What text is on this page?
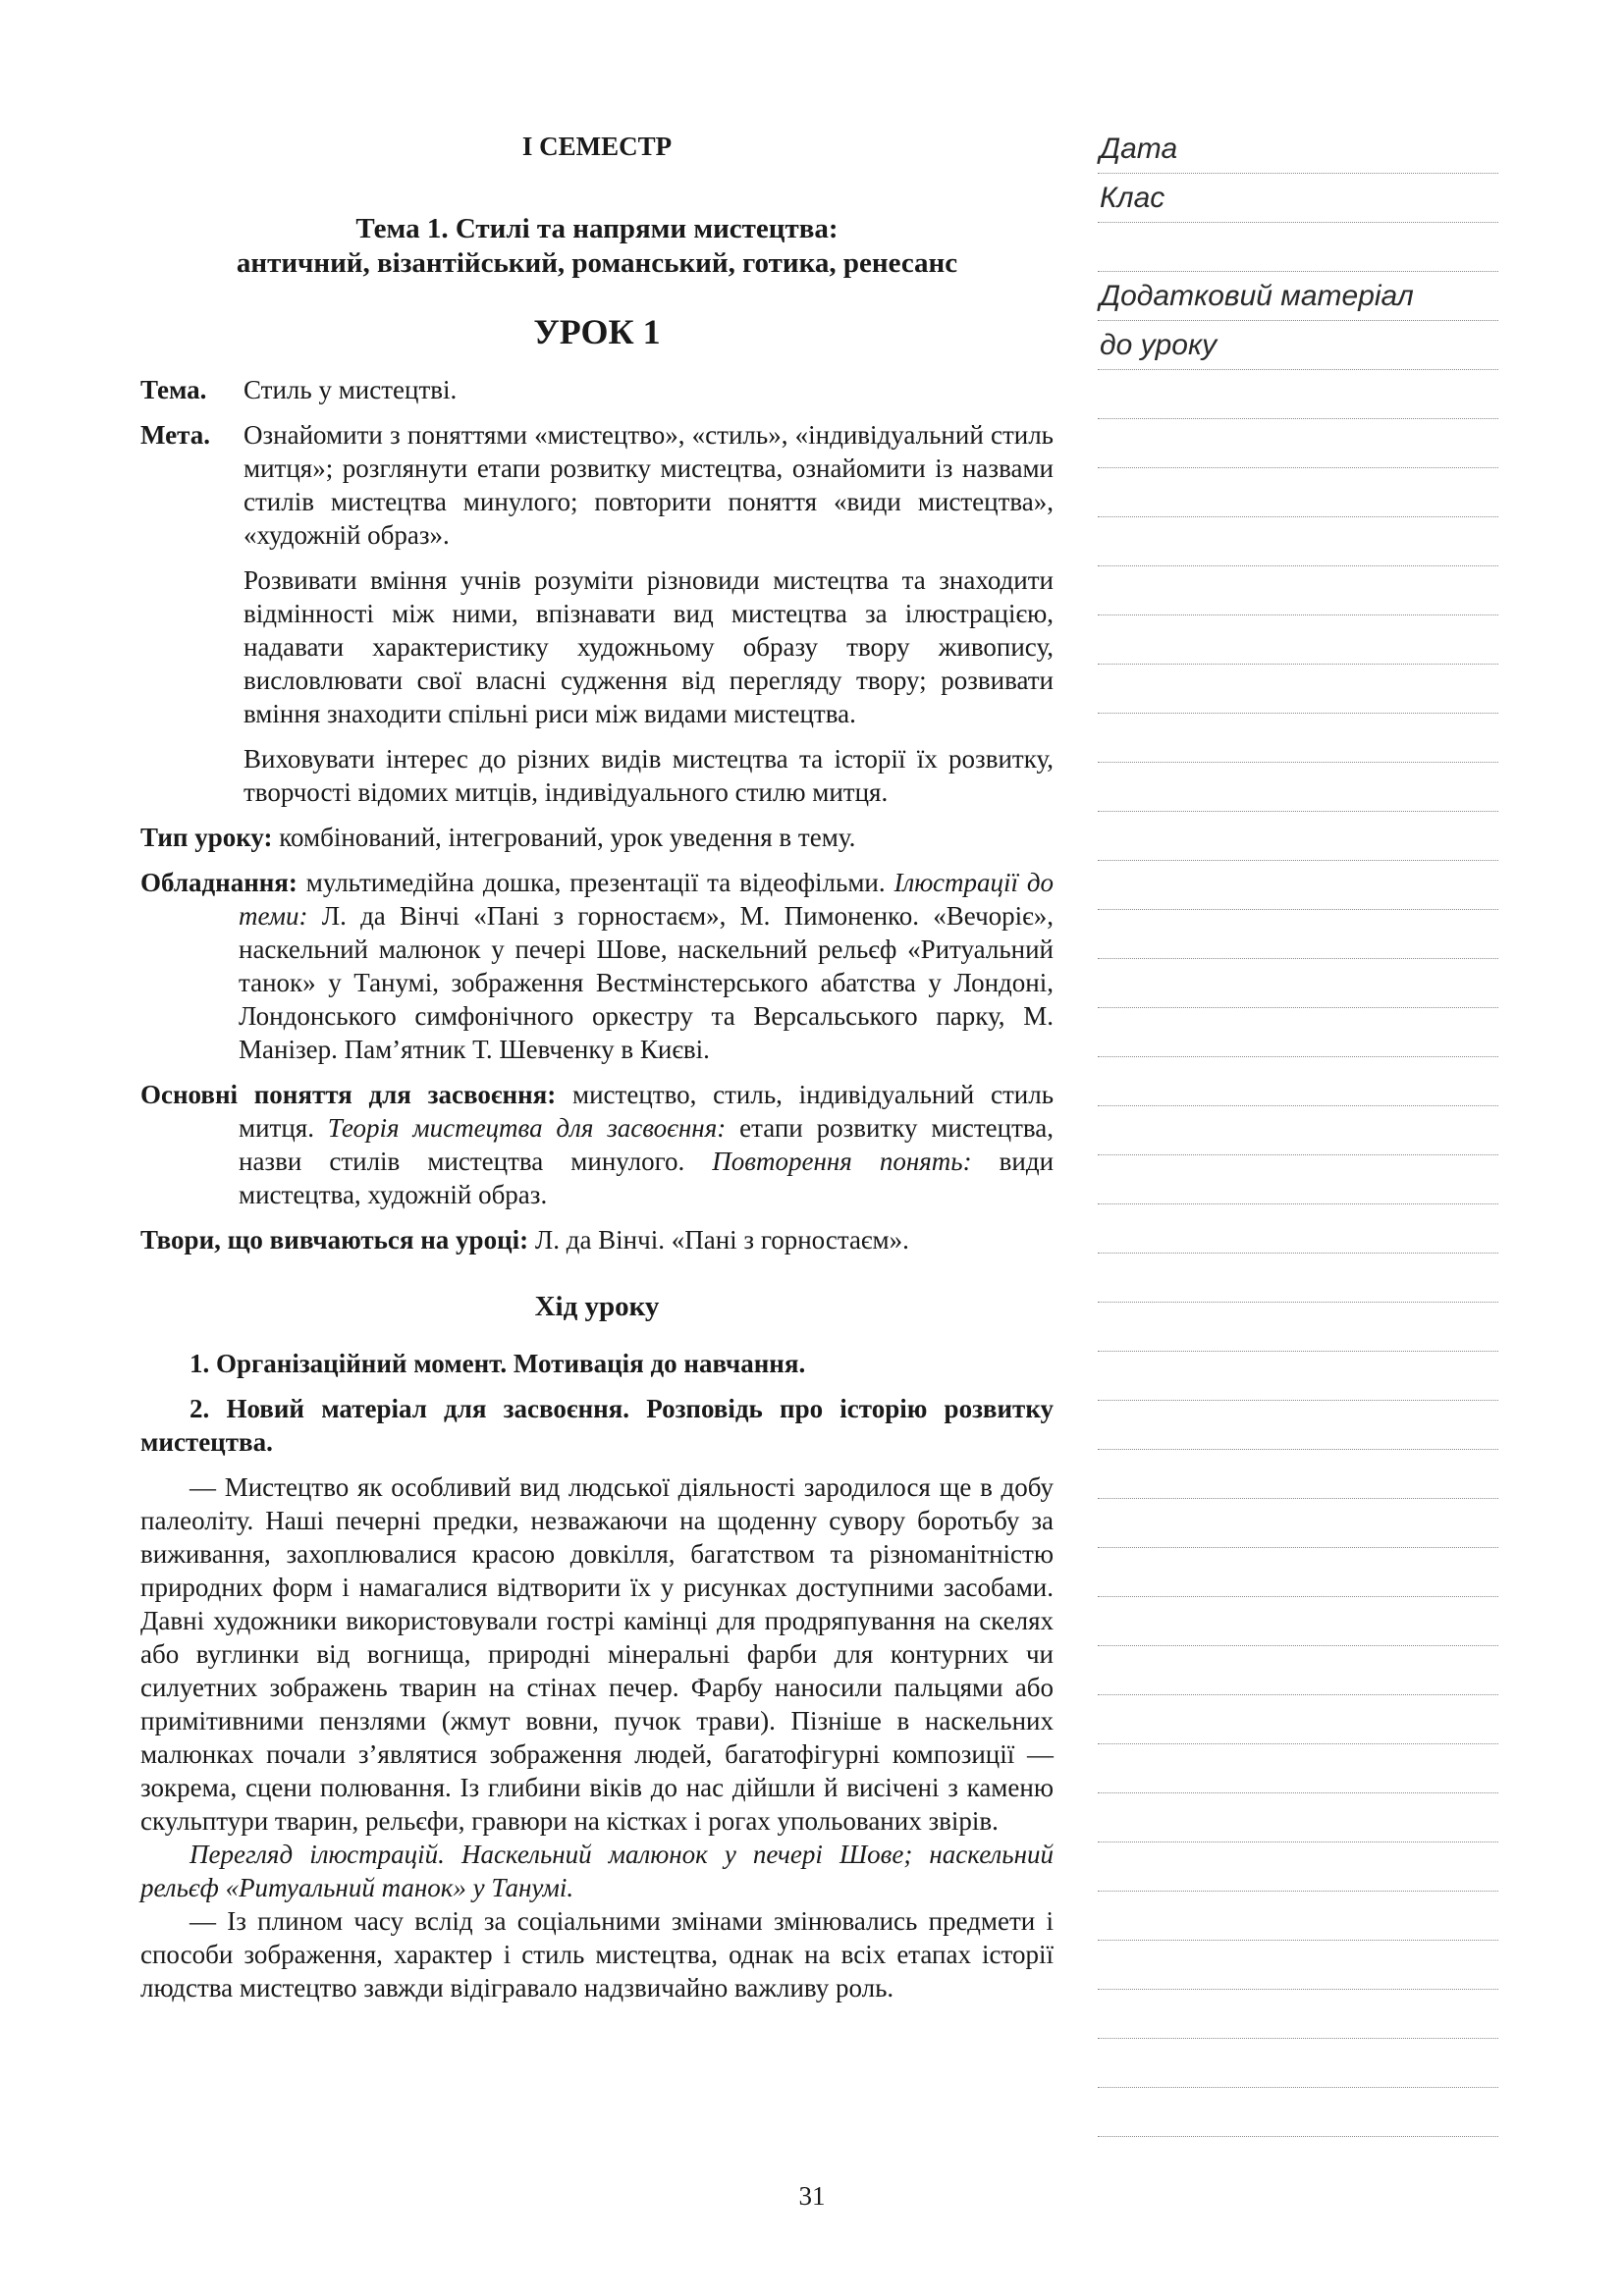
І СЕМЕСТР
Тема 1. Стилі та напрями мистецтва:
античний, візантійський, романський, готика, ренесанс
УРОК 1
Тема.	Стиль у мистецтві.
Мета.	Ознайомити з поняттями «мистецтво», «стиль», «індивідуальний стиль митця»; розглянути етапи розвитку мистецтва, ознайомити із назвами стилів мистецтва минулого; повторити поняття «види мистецтва», «художній образ».

Розвивати вміння учнів розуміти різновиди мистецтва та знаходити відмінності між ними, впізнавати вид мистецтва за ілюстрацією, надавати характеристику художньому образу твору живопису, висловлювати свої власні судження від перегляду твору; розвивати вміння знаходити спільні риси між видами мистецтва.

Виховувати інтерес до різних видів мистецтва та історії їх розвитку, творчості відомих митців, індивідуального стилю митця.

Тип уроку: комбінований, інтегрований, урок уведення в тему.

Обладнання: мультимедійна дошка, презентації та відеофільми. Ілюстрації до теми: Л. да Вінчі «Пані з горностаєм», М. Пимоненко. «Вечоріє», наскельний малюнок у печері Шове, наскельний рельєф «Ритуальний танок» у Танумі, зображення Вестмінстерського абатства у Лондоні, Лондонського симфонічного оркестру та Версальського парку, М. Манізер. Пам’ятник Т. Шевченку в Києві.

Основні поняття для засвоєння: мистецтво, стиль, індивідуальний стиль митця. Теорія мистецтва для засвоєння: етапи розвитку мистецтва, назви стилів мистецтва минулого. Повторення понять: види мистецтва, художній образ.

Твори, що вивчаються на уроці: Л. да Вінчі. «Пані з горностаєм».

Хід уроку

1. Організаційний момент. Мотивація до навчання.

2. Новий матеріал для засвоєння. Розповідь про історію розвитку мистецтва.

— Мистецтво як особливий вид людської діяльності зародилося ще в добу палеоліту. Наші печерні предки, незважаючи на щоденну сувору боротьбу за виживання, захоплювалися красою довкілля, багатством та різноманітністю природних форм і намагалися відтворити їх у рисунках доступними засобами. Давні художники використовували гострі камінці для продряпування на скелях або вуглинки від вогнища, природні мінеральні фарби для контурних чи силуетних зображень тварин на стінах печер. Фарбу наносили пальцями або примітивними пензлями (жмут вовни, пучок трави). Пізніше в наскельних малюнках почали з’являтися зображення людей, багатофігурні композиції — зокрема, сцени полювання. Із глибини віків до нас дійшли й висічені з каменю скульптури тварин, рельєфи, гравюри на кістках і рогах упольованих звірів.

Перегляд ілюстрацій. Наскельний малюнок у печері Шове; наскельний рельєф «Ритуальний танок» у Танумі.

— Із плином часу вслід за соціальними змінами змінювались предмети і способи зображення, характер і стиль мистецтва, однак на всіх етапах історії людства мистецтво завжди відігравало надзвичайно важливу роль.

31
Дата
Клас
Додатковий матеріал
до уроку
